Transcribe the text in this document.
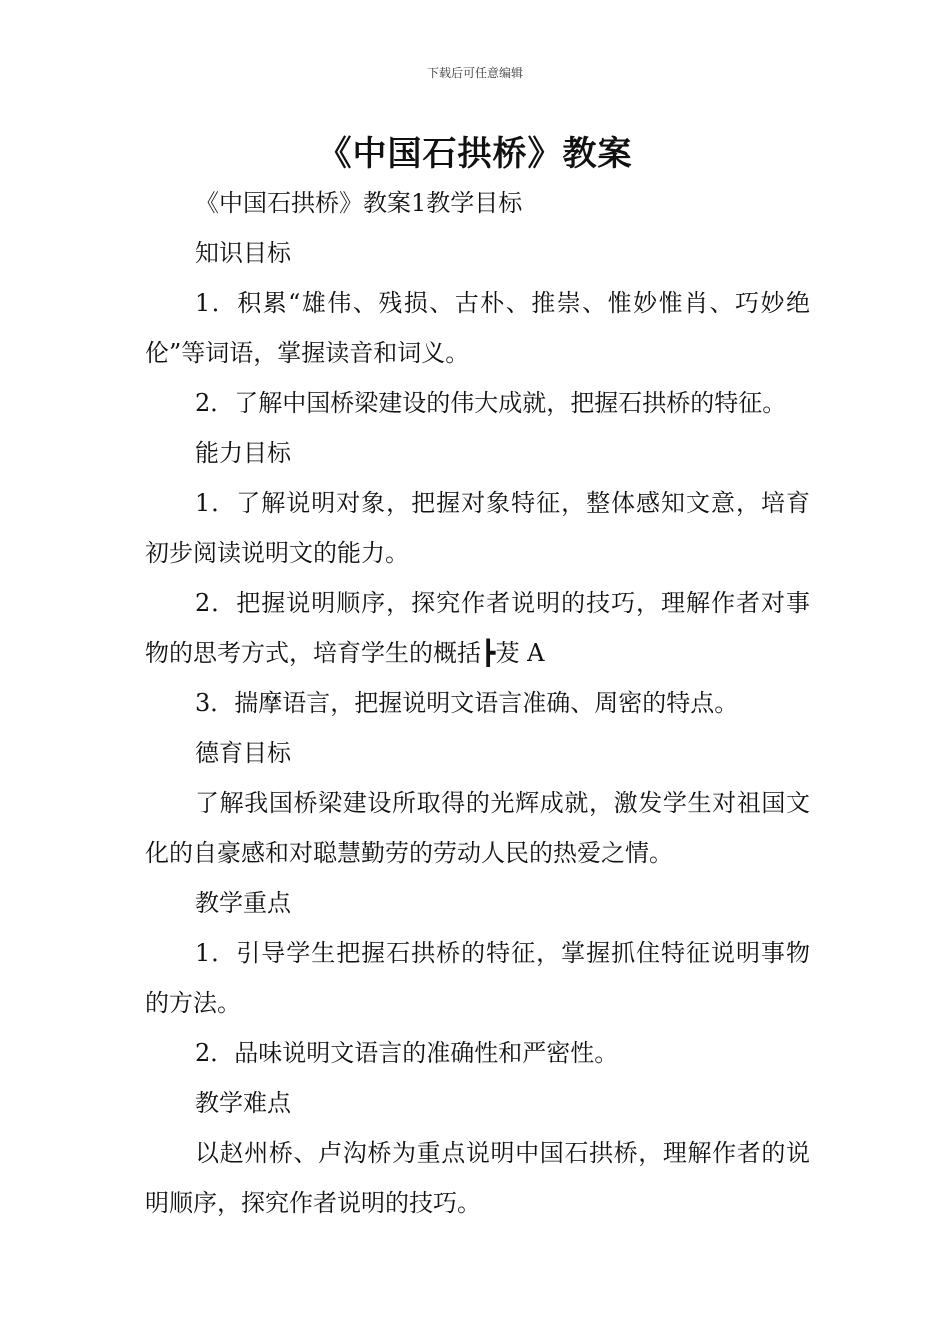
下载后可任意编辑
《中国石拱桥》教案

《中国石拱桥》教案1教学目标

知识目标

1．积累“雄伟、残损、古朴、推崇、惟妙惟肖、巧妙绝伦”等词语，掌握读音和词义。

2．了解中国桥梁建设的伟大成就，把握石拱桥的特征。

能力目标

1．了解说明对象，把握对象特征，整体感知文意，培育初步阅读说明文的能力。

2．把握说明顺序，探究作者说明的技巧，理解作者对事物的思考方式，培育学生的概括┣茇 A

3．揣摩语言，把握说明文语言准确、周密的特点。

德育目标

了解我国桥梁建设所取得的光辉成就，激发学生对祖国文化的自豪感和对聪慧勤劳的劳动人民的热爱之情。

教学重点

1．引导学生把握石拱桥的特征，掌握抓住特征说明事物的方法。

2．品味说明文语言的准确性和严密性。

教学难点

以赵州桥、卢沟桥为重点说明中国石拱桥，理解作者的说明顺序，探究作者说明的技巧。
